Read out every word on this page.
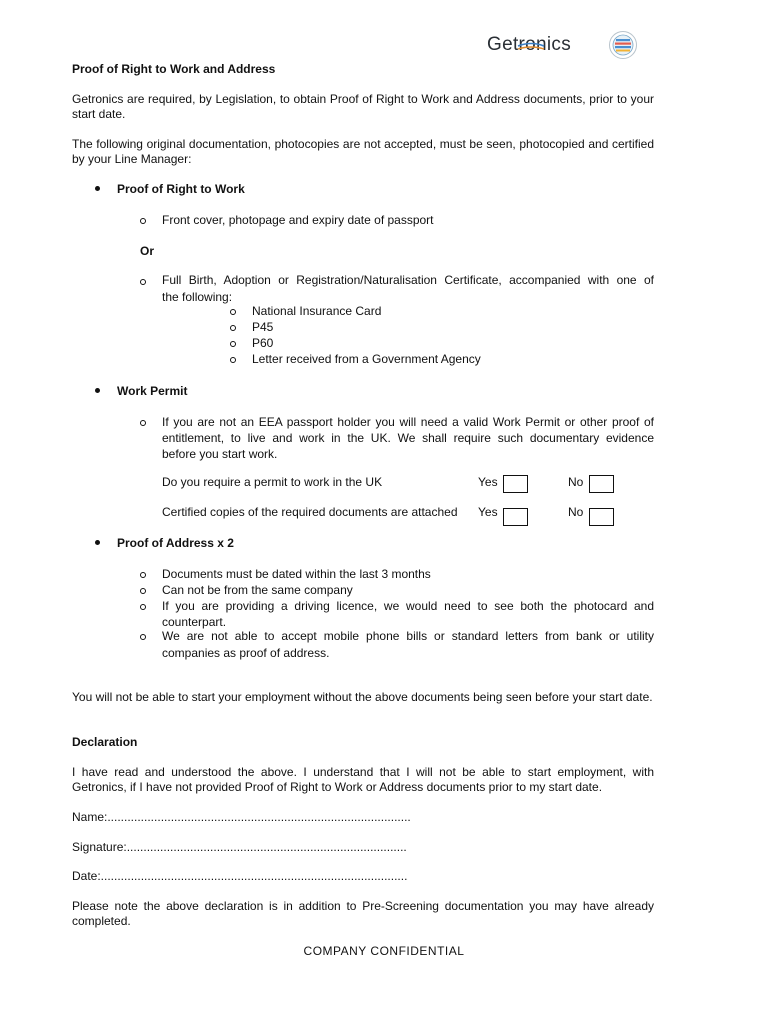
Getronics
Proof of Right to Work and Address
Getronics are required, by Legislation, to obtain Proof of Right to Work and Address documents, prior to your start date.
The following original documentation, photocopies are not accepted, must be seen, photocopied and certified by your Line Manager:
Proof of Right to Work
Front cover, photopage and expiry date of passport
Or
Full Birth, Adoption or Registration/Naturalisation Certificate, accompanied with one of
the following:
National Insurance Card
P45
P60
Letter received from a Government Agency
Work Permit
If you are not an EEA passport holder you will need a valid Work Permit or other proof of
entitlement, to live and work in the UK. We shall require such documentary evidence
before you start work.
Do you require a permit to work in the UK	Yes	No
Certified copies of the required documents are attached Yes	No
Proof of Address x 2
Documents must be dated within the last 3 months
Can not be from the same company
If you are providing a driving licence, we would need to see both the photocard and
counterpart.
We are not able to accept mobile phone bills or standard letters from bank or utility
companies as proof of address.
You will not be able to start your employment without the above documents being seen before your start date.
Declaration
I have read and understood the above. I understand that I will not be able to start employment, with Getronics, if I have not provided Proof of Right to Work or Address documents prior to my start date.
Name:...........................................................................................
Signature:....................................................................................
Date:............................................................................................
Please note the above declaration is in addition to Pre-Screening documentation you may have already completed.
COMPANY CONFIDENTIAL
